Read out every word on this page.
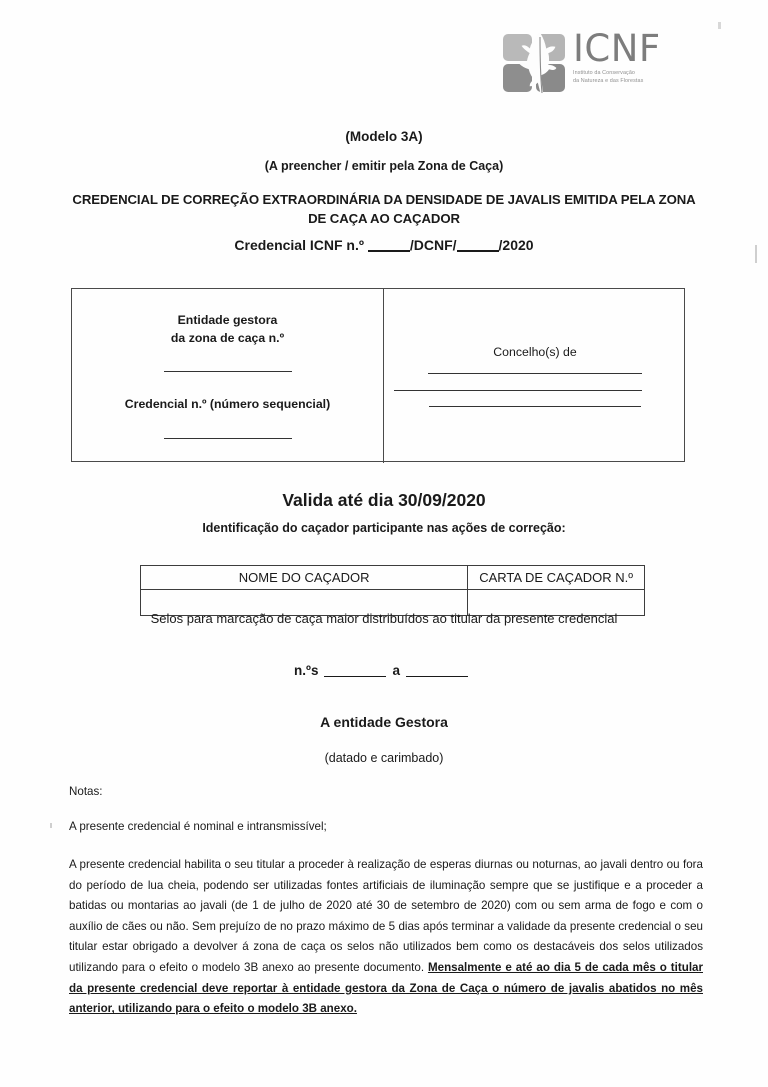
ICNF
Instituto da Conservação
da Natureza e das Florestas
(Modelo 3A)
(A preencher / emitir pela Zona de Caça)
CREDENCIAL DE CORREÇÃO EXTRAORDINÁRIA DA DENSIDADE DE JAVALIS EMITIDA PELA ZONA DE CAÇA AO CAÇADOR
Credencial ICNF n.º	/DCNF/	/2020
Entidade gestora
da zona de caça n.º
Credencial n.º (número sequencial)
Concelho(s) de
Valida até dia 30/09/2020
Identificação do caçador participante nas ações de correção:
NOME DO CAÇADOR	CARTA DE CAÇADOR N.º

Selos para marcação de caça maior distribuídos ao titular da presente credencial
n.ºs	a
A entidade Gestora
(datado e carimbado)
Notas:
A presente credencial é nominal e intransmissível;
A presente credencial habilita o seu titular a proceder à realização de esperas diurnas ou noturnas, ao javali dentro ou fora do período de lua cheia, podendo ser utilizadas fontes artificiais de iluminação sempre que se justifique e a proceder a batidas ou montarias ao javali (de 1 de julho de 2020 até 30 de setembro de 2020) com ou sem arma de fogo e com o auxílio de cães ou não. Sem prejuízo de no prazo máximo de 5 dias após terminar a validade da presente credencial o seu titular estar obrigado a devolver á zona de caça os selos não utilizados bem como os destacáveis dos selos utilizados utilizando para o efeito o modelo 3B anexo ao presente documento. Mensalmente e até ao dia 5 de cada mês o titular da presente credencial deve reportar à entidade gestora da Zona de Caça o número de javalis abatidos no mês anterior, utilizando para o efeito o modelo 3B anexo.
